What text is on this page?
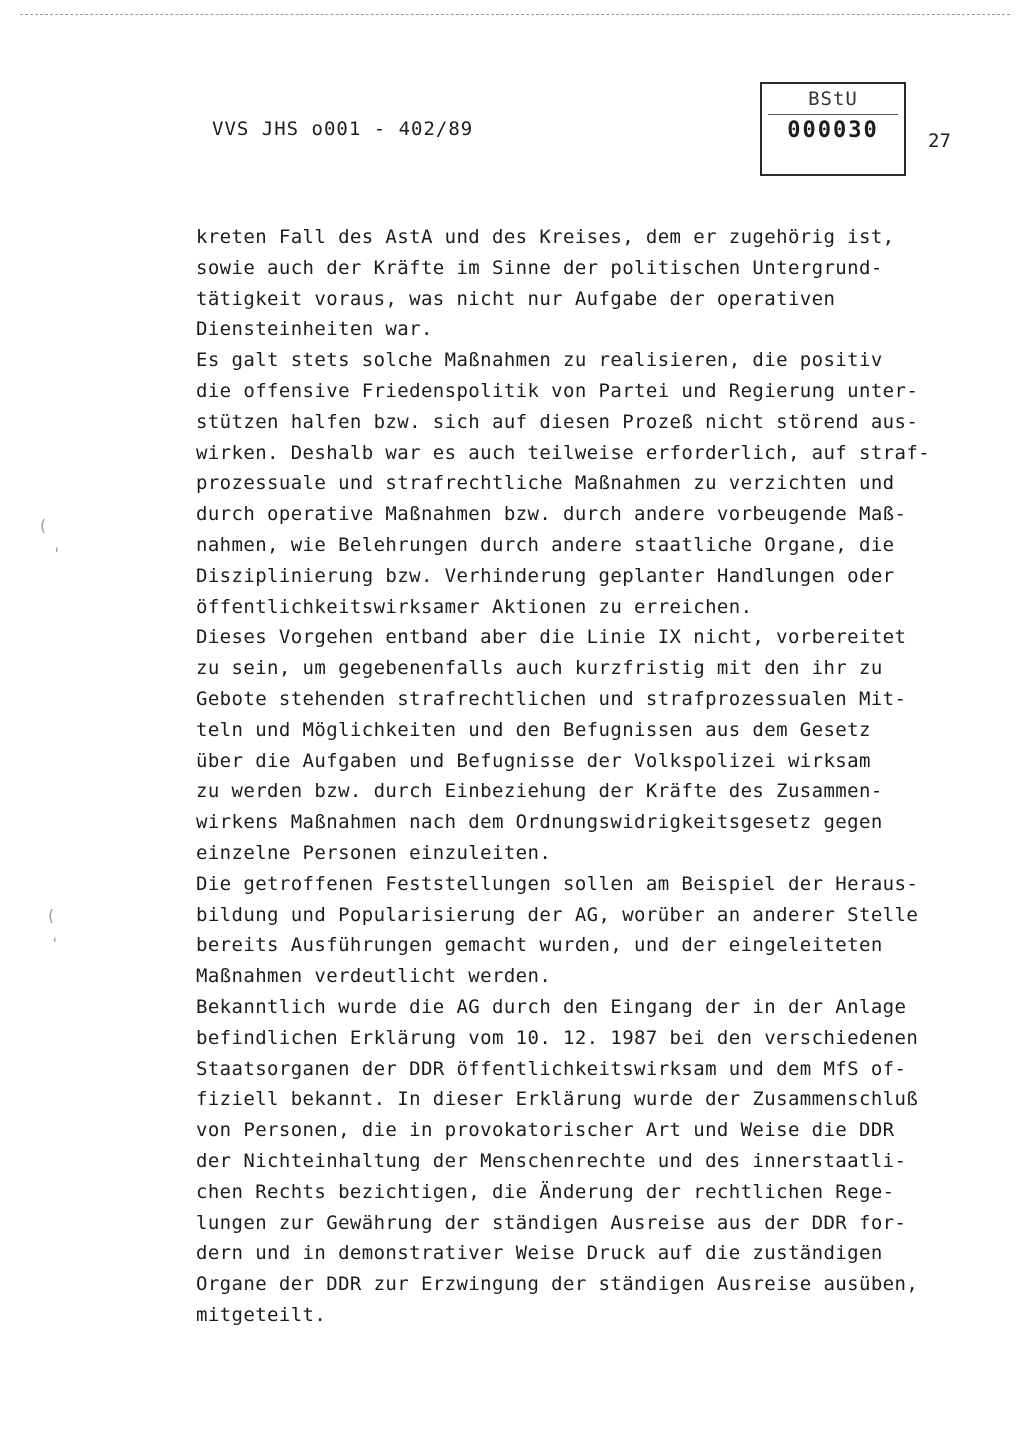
VVS JHS o001 - 402/89
BStU
000030	27
(
'
(
'
kreten Fall des AstA und des Kreises, dem er zugehörig ist,
sowie auch der Kräfte im Sinne der politischen Untergrund-
tätigkeit voraus, was nicht nur Aufgabe der operativen
Diensteinheiten war.
Es galt stets solche Maßnahmen zu realisieren, die positiv
die offensive Friedenspolitik von Partei und Regierung unter-
stützen halfen bzw. sich auf diesen Prozeß nicht störend aus-
wirken. Deshalb war es auch teilweise erforderlich, auf straf-
prozessuale und strafrechtliche Maßnahmen zu verzichten und
durch operative Maßnahmen bzw. durch andere vorbeugende Maß-
nahmen, wie Belehrungen durch andere staatliche Organe, die
Disziplinierung bzw. Verhinderung geplanter Handlungen oder
öffentlichkeitswirksamer Aktionen zu erreichen.
Dieses Vorgehen entband aber die Linie IX nicht, vorbereitet
zu sein, um gegebenenfalls auch kurzfristig mit den ihr zu
Gebote stehenden strafrechtlichen und strafprozessualen Mit-
teln und Möglichkeiten und den Befugnissen aus dem Gesetz
über die Aufgaben und Befugnisse der Volkspolizei wirksam
zu werden bzw. durch Einbeziehung der Kräfte des Zusammen-
wirkens Maßnahmen nach dem Ordnungswidrigkeitsgesetz gegen
einzelne Personen einzuleiten.
Die getroffenen Feststellungen sollen am Beispiel der Heraus-
bildung und Popularisierung der AG, worüber an anderer Stelle
bereits Ausführungen gemacht wurden, und der eingeleiteten
Maßnahmen verdeutlicht werden.
Bekanntlich wurde die AG durch den Eingang der in der Anlage
befindlichen Erklärung vom 10. 12. 1987 bei den verschiedenen
Staatsorganen der DDR öffentlichkeitswirksam und dem MfS of-
fiziell bekannt. In dieser Erklärung wurde der Zusammenschluß
von Personen, die in provokatorischer Art und Weise die DDR
der Nichteinhaltung der Menschenrechte und des innerstaatli-
chen Rechts bezichtigen, die Änderung der rechtlichen Rege-
lungen zur Gewährung der ständigen Ausreise aus der DDR for-
dern und in demonstrativer Weise Druck auf die zuständigen
Organe der DDR zur Erzwingung der ständigen Ausreise ausüben,
mitgeteilt.
